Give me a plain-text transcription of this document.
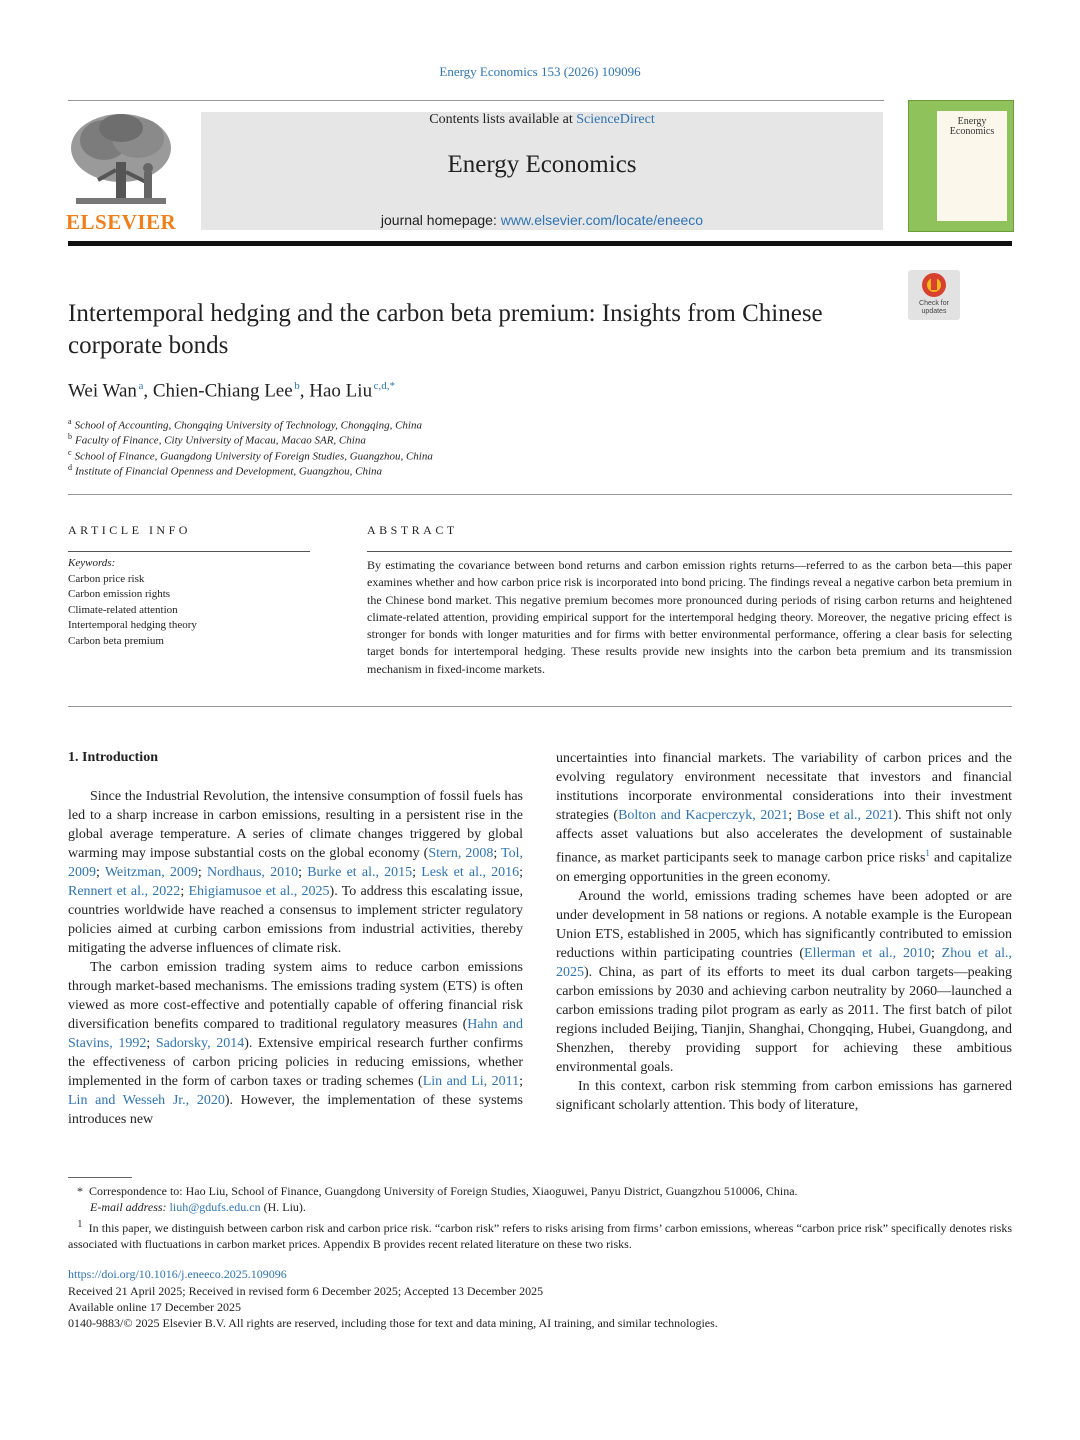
Energy Economics 153 (2026) 109096
ELSEVIER
Contents lists available at ScienceDirect
Energy Economics
journal homepage: www.elsevier.com/locate/eneeco
Energy Economics
Intertemporal hedging and the carbon beta premium: Insights from Chinese corporate bonds
Check for updates
Wei Wan  $^a$, Chien-Chiang Lee  $^b$, Hao Liu  $^{c,d,*}$
$^a$ School of Accounting, Chongqing University of Technology, Chongqing, China
$^b$ Faculty of Finance, City University of Macau, Macao SAR, China
$^c$ School of Finance, Guangdong University of Foreign Studies, Guangzhou, China
$^d$ Institute of Financial Openness and Development, Guangzhou, China
ARTICLE INFO	ABSTRACT
Keywords:
Carbon price risk
Carbon emission rights
Climate-related attention
Intertemporal hedging theory
Carbon beta premium
By estimating the covariance between bond returns and carbon emission rights returns—referred to as the carbon beta—this paper examines whether and how carbon price risk is incorporated into bond pricing. The findings reveal a negative carbon beta premium in the Chinese bond market. This negative premium becomes more pronounced during periods of rising carbon returns and heightened climate-related attention, providing empirical support for the intertemporal hedging theory. Moreover, the negative pricing effect is stronger for bonds with longer maturities and for firms with better environmental performance, offering a clear basis for selecting target bonds for intertemporal hedging. These results provide new insights into the carbon beta premium and its transmission mechanism in fixed-income markets.
1. Introduction

Since the Industrial Revolution, the intensive consumption of fossil fuels has led to a sharp increase in carbon emissions, resulting in a persistent rise in the global average temperature. A series of climate changes triggered by global warming may impose substantial costs on the global economy (Stern, 2008; Tol, 2009; Weitzman, 2009; Nordhaus, 2010; Burke et al., 2015; Lesk et al., 2016; Rennert et al., 2022; Ehigiamusoe et al., 2025). To address this escalating issue, countries worldwide have reached a consensus to implement stricter regulatory policies aimed at curbing carbon emissions from industrial activities, thereby mitigating the adverse influences of climate risk.

The carbon emission trading system aims to reduce carbon emissions through market-based mechanisms. The emissions trading system (ETS) is often viewed as more cost-effective and potentially capable of offering financial risk diversification benefits compared to traditional regulatory measures (Hahn and Stavins, 1992; Sadorsky, 2014). Extensive empirical research further confirms the effectiveness of carbon pricing policies in reducing emissions, whether implemented in the form of carbon taxes or trading schemes (Lin and Li, 2011; Lin and Wesseh Jr., 2020). However, the implementation of these systems introduces new

uncertainties into financial markets. The variability of carbon prices and the evolving regulatory environment necessitate that investors and financial institutions incorporate environmental considerations into their investment strategies (Bolton and Kacperczyk, 2021; Bose et al., 2021). This shift not only affects asset valuations but also accelerates the development of sustainable finance, as market participants seek to manage carbon price risks$^1$ and capitalize on emerging opportunities in the green economy.

Around the world, emissions trading schemes have been adopted or are under development in 58 nations or regions. A notable example is the European Union ETS, established in 2005, which has significantly contributed to emission reductions within participating countries (Ellerman et al., 2010; Zhou et al., 2025). China, as part of its efforts to meet its dual carbon targets—peaking carbon emissions by 2030 and achieving carbon neutrality by 2060—launched a carbon emissions trading pilot program as early as 2011. The first batch of pilot regions included Beijing, Tianjin, Shanghai, Chongqing, Hubei, Guangdong, and Shenzhen, thereby providing support for achieving these ambitious environmental goals.

In this context, carbon risk stemming from carbon emissions has garnered significant scholarly attention. This body of literature,

* Correspondence to: Hao Liu, School of Finance, Guangdong University of Foreign Studies, Xiaoguwei, Panyu District, Guangzhou 510006, China.
E-mail address: liuh@gdufs.edu.cn (H. Liu).
$^1$ In this paper, we distinguish between carbon risk and carbon price risk. “carbon risk” refers to risks arising from firms’ carbon emissions, whereas “carbon price risk” specifically denotes risks associated with fluctuations in carbon market prices. Appendix B provides recent related literature on these two risks.
https://doi.org/10.1016/j.eneeco.2025.109096
Received 21 April 2025; Received in revised form 6 December 2025; Accepted 13 December 2025
Available online 17 December 2025
0140-9883/© 2025 Elsevier B.V. All rights are reserved, including those for text and data mining, AI training, and similar technologies.
